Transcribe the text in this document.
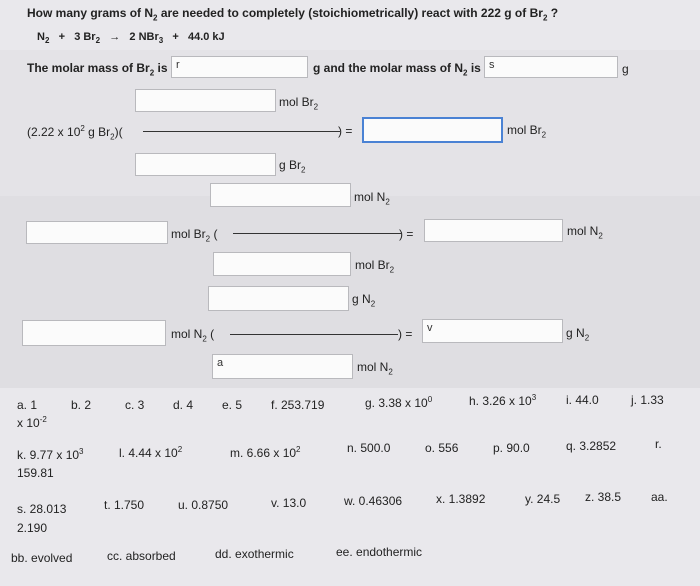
How many grams of $N_2$ are needed to completely (stoichiometrically) react with 222 g of $Br_2$ ?
$N_2 + 3$ $Br_2 \to 2$ NBr$_3$ + 44.0 kJ
The molar mass of $Br_2$ is r	g and the molar mass of $N_2$ is s	g
mol $Br_2$
(2.22 x $10^2$ g $Br_2$)(	) =	mol $Br_2$
g $Br_2$
mol $N_2$
mol $Br_2$ (	) =	mol $N_2$
mol $Br_2$
g $N_2$
mol $N_2$ (	) =	v	g $N_2$
a	mol $N_2$
a. 1
x $10^{-2}$
b. 2	c. 3 d. 4 e. 5 f. 253.719	g. 3.38 x $10^0$	h. 3.26 x $10^3$ i. 44.0	j. 1.33
k. 9.77 x $10^3$
159.81
l. 4.44 x $10^2$	m. 6.66 x $10^2$	n. 500.0	o. 556	p. 90.0	q. 3.2852	r.
s. 28.013
2.190
t. 1.750	u. 0.8750	v. 13.0	w. 0.46306	x. 1.3892	y. 24.5 z. 38.5 aa.
bb. evolved	cc. absorbed	dd. exothermic	ee. endothermic
